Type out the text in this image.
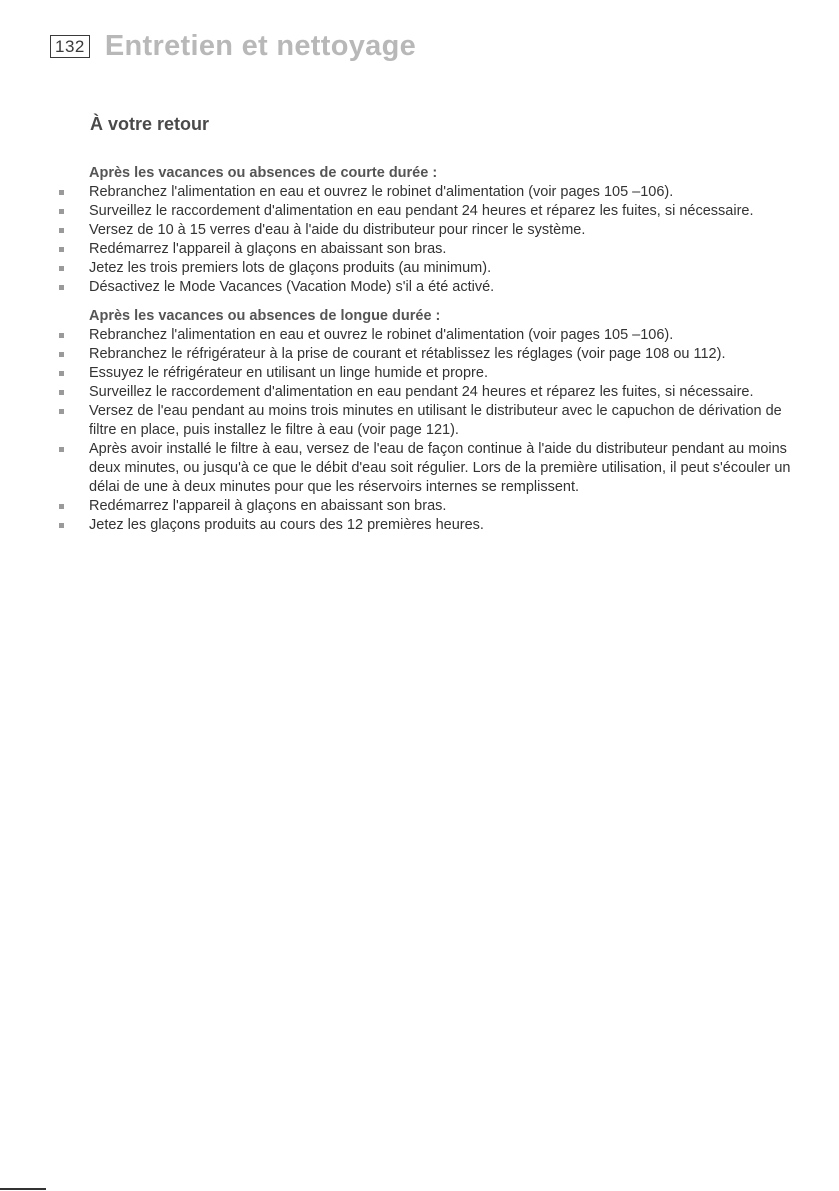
132 Entretien et nettoyage
À votre retour
Après les vacances ou absences de courte durée :
Rebranchez l'alimentation en eau et ouvrez le robinet d'alimentation (voir pages 105 –106).
Surveillez le raccordement d'alimentation en eau pendant 24 heures et réparez les fuites, si nécessaire.
Versez de 10 à 15 verres d'eau à l'aide du distributeur pour rincer le système.
Redémarrez l'appareil à glaçons en abaissant son bras.
Jetez les trois premiers lots de glaçons produits (au minimum).
Désactivez le Mode Vacances (Vacation Mode) s'il a été activé.
Après les vacances ou absences de longue durée :
Rebranchez l'alimentation en eau et ouvrez le robinet d'alimentation (voir pages 105 –106).
Rebranchez le réfrigérateur à la prise de courant et rétablissez les réglages (voir page 108 ou 112).
Essuyez le réfrigérateur en utilisant un linge humide et propre.
Surveillez le raccordement d'alimentation en eau pendant 24 heures et réparez les fuites, si nécessaire.
Versez de l'eau pendant au moins trois minutes en utilisant le distributeur avec le capuchon de dérivation de filtre en place, puis installez le filtre à eau (voir page 121).
Après avoir installé le filtre à eau, versez de l'eau de façon continue à l'aide du distributeur pendant au moins deux minutes, ou jusqu'à ce que le débit d'eau soit régulier. Lors de la première utilisation, il peut s'écouler un délai de une à deux minutes pour que les réservoirs internes se remplissent.
Redémarrez l'appareil à glaçons en abaissant son bras.
Jetez les glaçons produits au cours des 12 premières heures.
